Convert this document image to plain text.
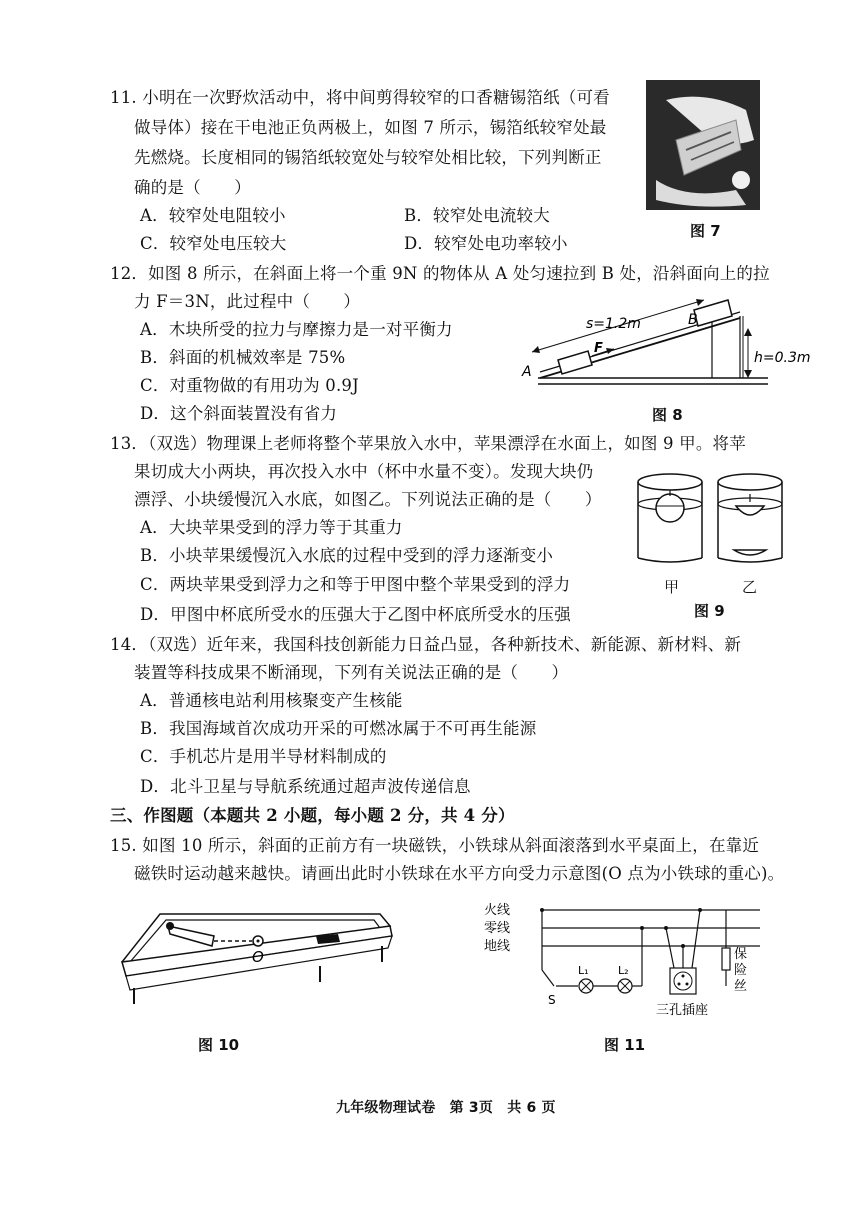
11. 小明在一次野炊活动中，将中间剪得较窄的口香糖锡箔纸（可看
做导体）接在干电池正负两极上，如图 7 所示，锡箔纸较窄处最
先燃烧。长度相同的锡箔纸较宽处与较窄处相比较，下列判断正
确的是（　　）
A．较窄处电阻较小	B．较窄处电流较大
C．较窄处电压较大	D．较窄处电功率较小
图 7
12．如图 8 所示，在斜面上将一个重 9N 的物体从 A 处匀速拉到 B 处，沿斜面向上的拉
力 F＝3N，此过程中（　　）
A．木块所受的拉力与摩擦力是一对平衡力
B．斜面的机械效率是 75%
C．对重物做的有用功为 0.9J
D．这个斜面装置没有省力
s=1.2m
h=0.3m
A
B
F
图 8
13．（双选）物理课上老师将整个苹果放入水中，苹果漂浮在水面上，如图 9 甲。将苹
果切成大小两块，再次投入水中（杯中水量不变）。发现大块仍
漂浮、小块缓慢沉入水底，如图乙。下列说法正确的是（　　）
A．大块苹果受到的浮力等于其重力
B．小块苹果缓慢沉入水底的过程中受到的浮力逐渐变小
C．两块苹果受到浮力之和等于甲图中整个苹果受到的浮力
D．甲图中杯底所受水的压强大于乙图中杯底所受水的压强
甲	乙
图 9
14．（双选）近年来，我国科技创新能力日益凸显，各种新技术、新能源、新材料、新
装置等科技成果不断涌现，下列有关说法正确的是（　　）
A．普通核电站利用核聚变产生核能
B．我国海域首次成功开采的可燃冰属于不可再生能源
C．手机芯片是用半导材料制成的
D．北斗卫星与导航系统通过超声波传递信息
三、作图题（本题共 2 小题，每小题 2 分，共 4 分）
15. 如图 10 所示，斜面的正前方有一块磁铁，小铁球从斜面滚落到水平桌面上，在靠近
磁铁时运动越来越快。请画出此时小铁球在水平方向受力示意图(O 点为小铁球的重心)。
O
图 10
火线
零线
地线
S
L₁	L₂
三孔插座
保
险
丝
图 11
九年级物理试卷　第 3页　共 6 页
